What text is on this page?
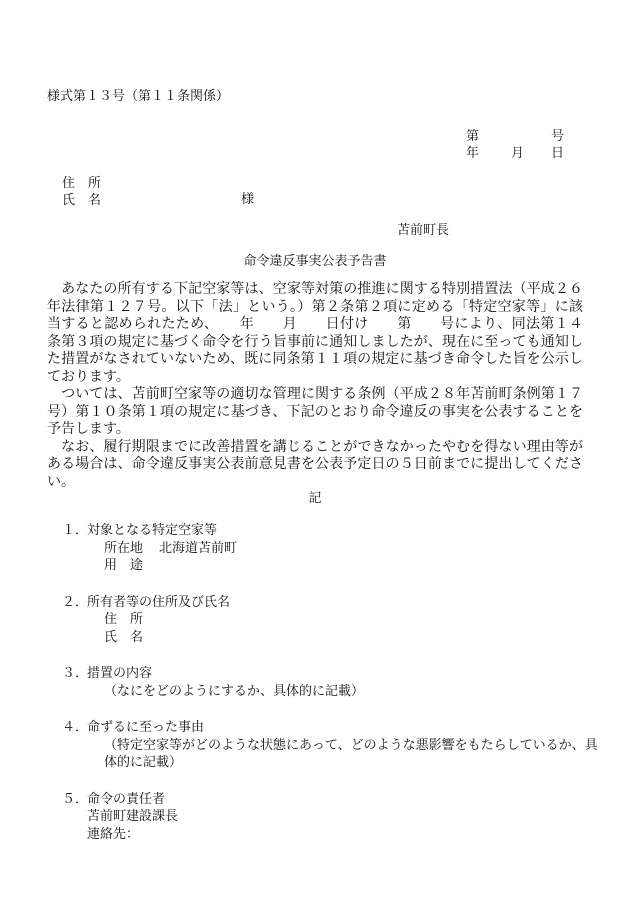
様式第１３号（第１１条関係）
第	号
年 月 日
住　所
氏　名	様
苫前町長
命令違反事実公表予告書

　あなたの所有する下記空家等は、空家等対策の推進に関する特別措置法（平成２６年法律第１２７号。以下「法」という。）第２条第２項に定める「特定空家等」に該当すると認められたため、　　年　　月　　日付け　　第　　号により、同法第１４条第３項の規定に基づく命令を行う旨事前に通知しましたが、現在に至っても通知した措置がなされていないため、既に同条第１１項の規定に基づき命令した旨を公示しております。

　ついては、苫前町空家等の適切な管理に関する条例（平成２８年苫前町条例第１７号）第１０条第１項の規定に基づき、下記のとおり命令違反の事実を公表することを予告します。

　なお、履行期限までに改善措置を講じることができなかったやむを得ない理由等がある場合は、命令違反事実公表前意見書を公表予定日の５日前までに提出してください。

記
１．
対象となる特定空家等
所在地 北海道苫前町
用　途
２．
所有者等の住所及び氏名
住　所
氏　名
３．
措置の内容
（なにをどのようにするか、具体的に記載）
４．
命ずるに至った事由
（特定空家等がどのような状態にあって、どのような悪影響をもたらしているか、具体的に記載）
５．
命令の責任者
苫前町建設課長
連絡先：
